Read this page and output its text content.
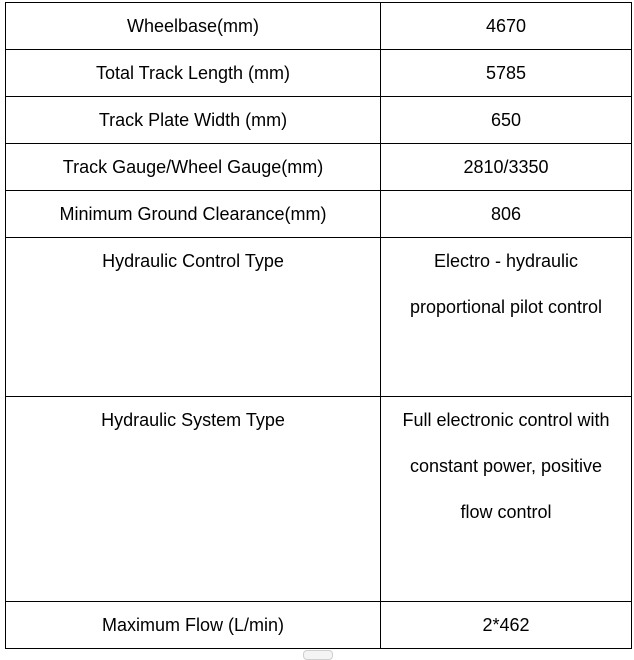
Wheelbase(mm)	4670
Total Track Length (mm)	5785
Track Plate Width (mm)	650
Track Gauge/Wheel Gauge(mm)	2810/3350
Minimum Ground Clearance(mm)	806
Hydraulic Control Type	Electro - hydraulic
proportional pilot control
Hydraulic System Type	Full electronic control with
constant power, positive
flow control
Maximum Flow (L/min)	2*462
